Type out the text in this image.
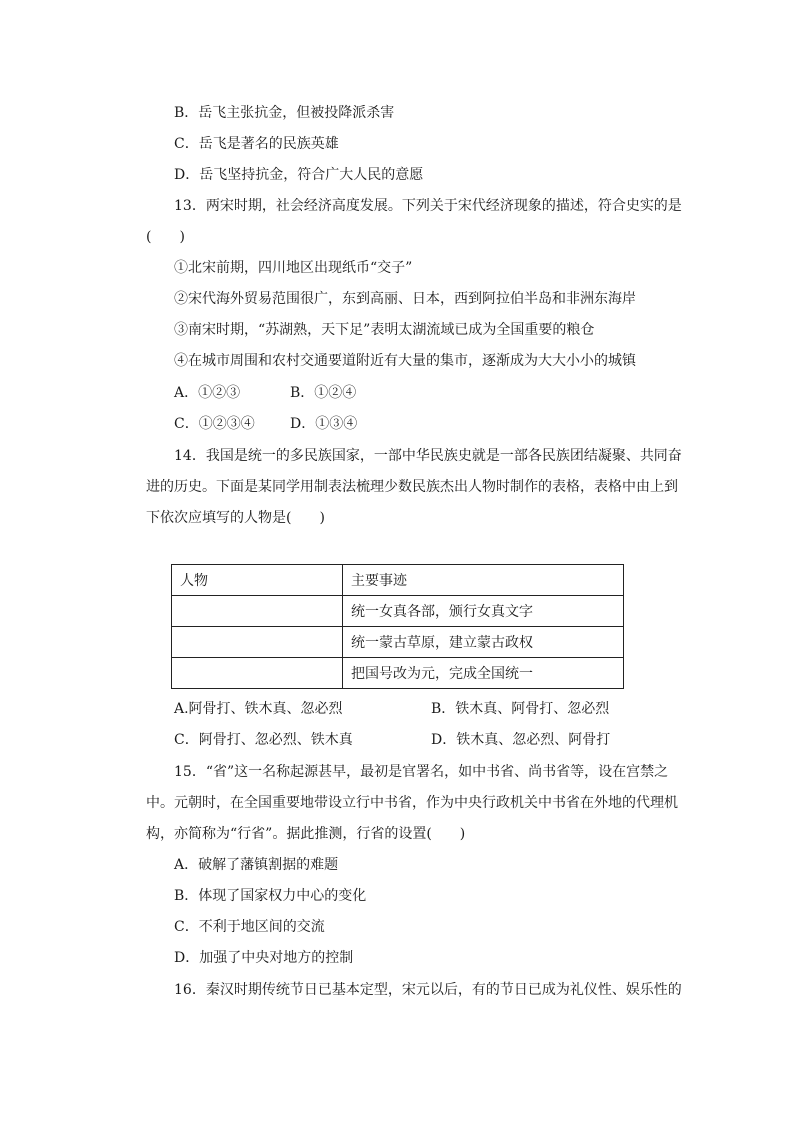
B．岳飞主张抗金，但被投降派杀害
C．岳飞是著名的民族英雄
D．岳飞坚持抗金，符合广大人民的意愿
13．两宋时期，社会经济高度发展。下列关于宋代经济现象的描述，符合史实的是
(　　)
①北宋前期，四川地区出现纸币“交子”
②宋代海外贸易范围很广，东到高丽、日本，西到阿拉伯半岛和非洲东海岸
③南宋时期，“苏湖熟，天下足”表明太湖流域已成为全国重要的粮仓
④在城市周围和农村交通要道附近有大量的集市，逐渐成为大大小小的城镇
A．①②③	B．①②④
C．①②③④	D．①③④
14．我国是统一的多民族国家，一部中华民族史就是一部各民族团结凝聚、共同奋
进的历史。下面是某同学用制表法梳理少数民族杰出人物时制作的表格，表格中由上到
下依次应填写的人物是(　　)
人物	主要事迹
	统一女真各部，颁行女真文字
	统一蒙古草原，建立蒙古政权
	把国号改为元，完成全国统一
A.阿骨打、铁木真、忽必烈	B．铁木真、阿骨打、忽必烈
C．阿骨打、忽必烈、铁木真	D．铁木真、忽必烈、阿骨打
15．“省”这一名称起源甚早，最初是官署名，如中书省、尚书省等，设在宫禁之
中。元朝时，在全国重要地带设立行中书省，作为中央行政机关中书省在外地的代理机
构，亦简称为“行省”。据此推测，行省的设置(　　)
A．破解了藩镇割据的难题
B．体现了国家权力中心的变化
C．不利于地区间的交流
D．加强了中央对地方的控制
16．秦汉时期传统节日已基本定型，宋元以后，有的节日已成为礼仪性、娱乐性的
